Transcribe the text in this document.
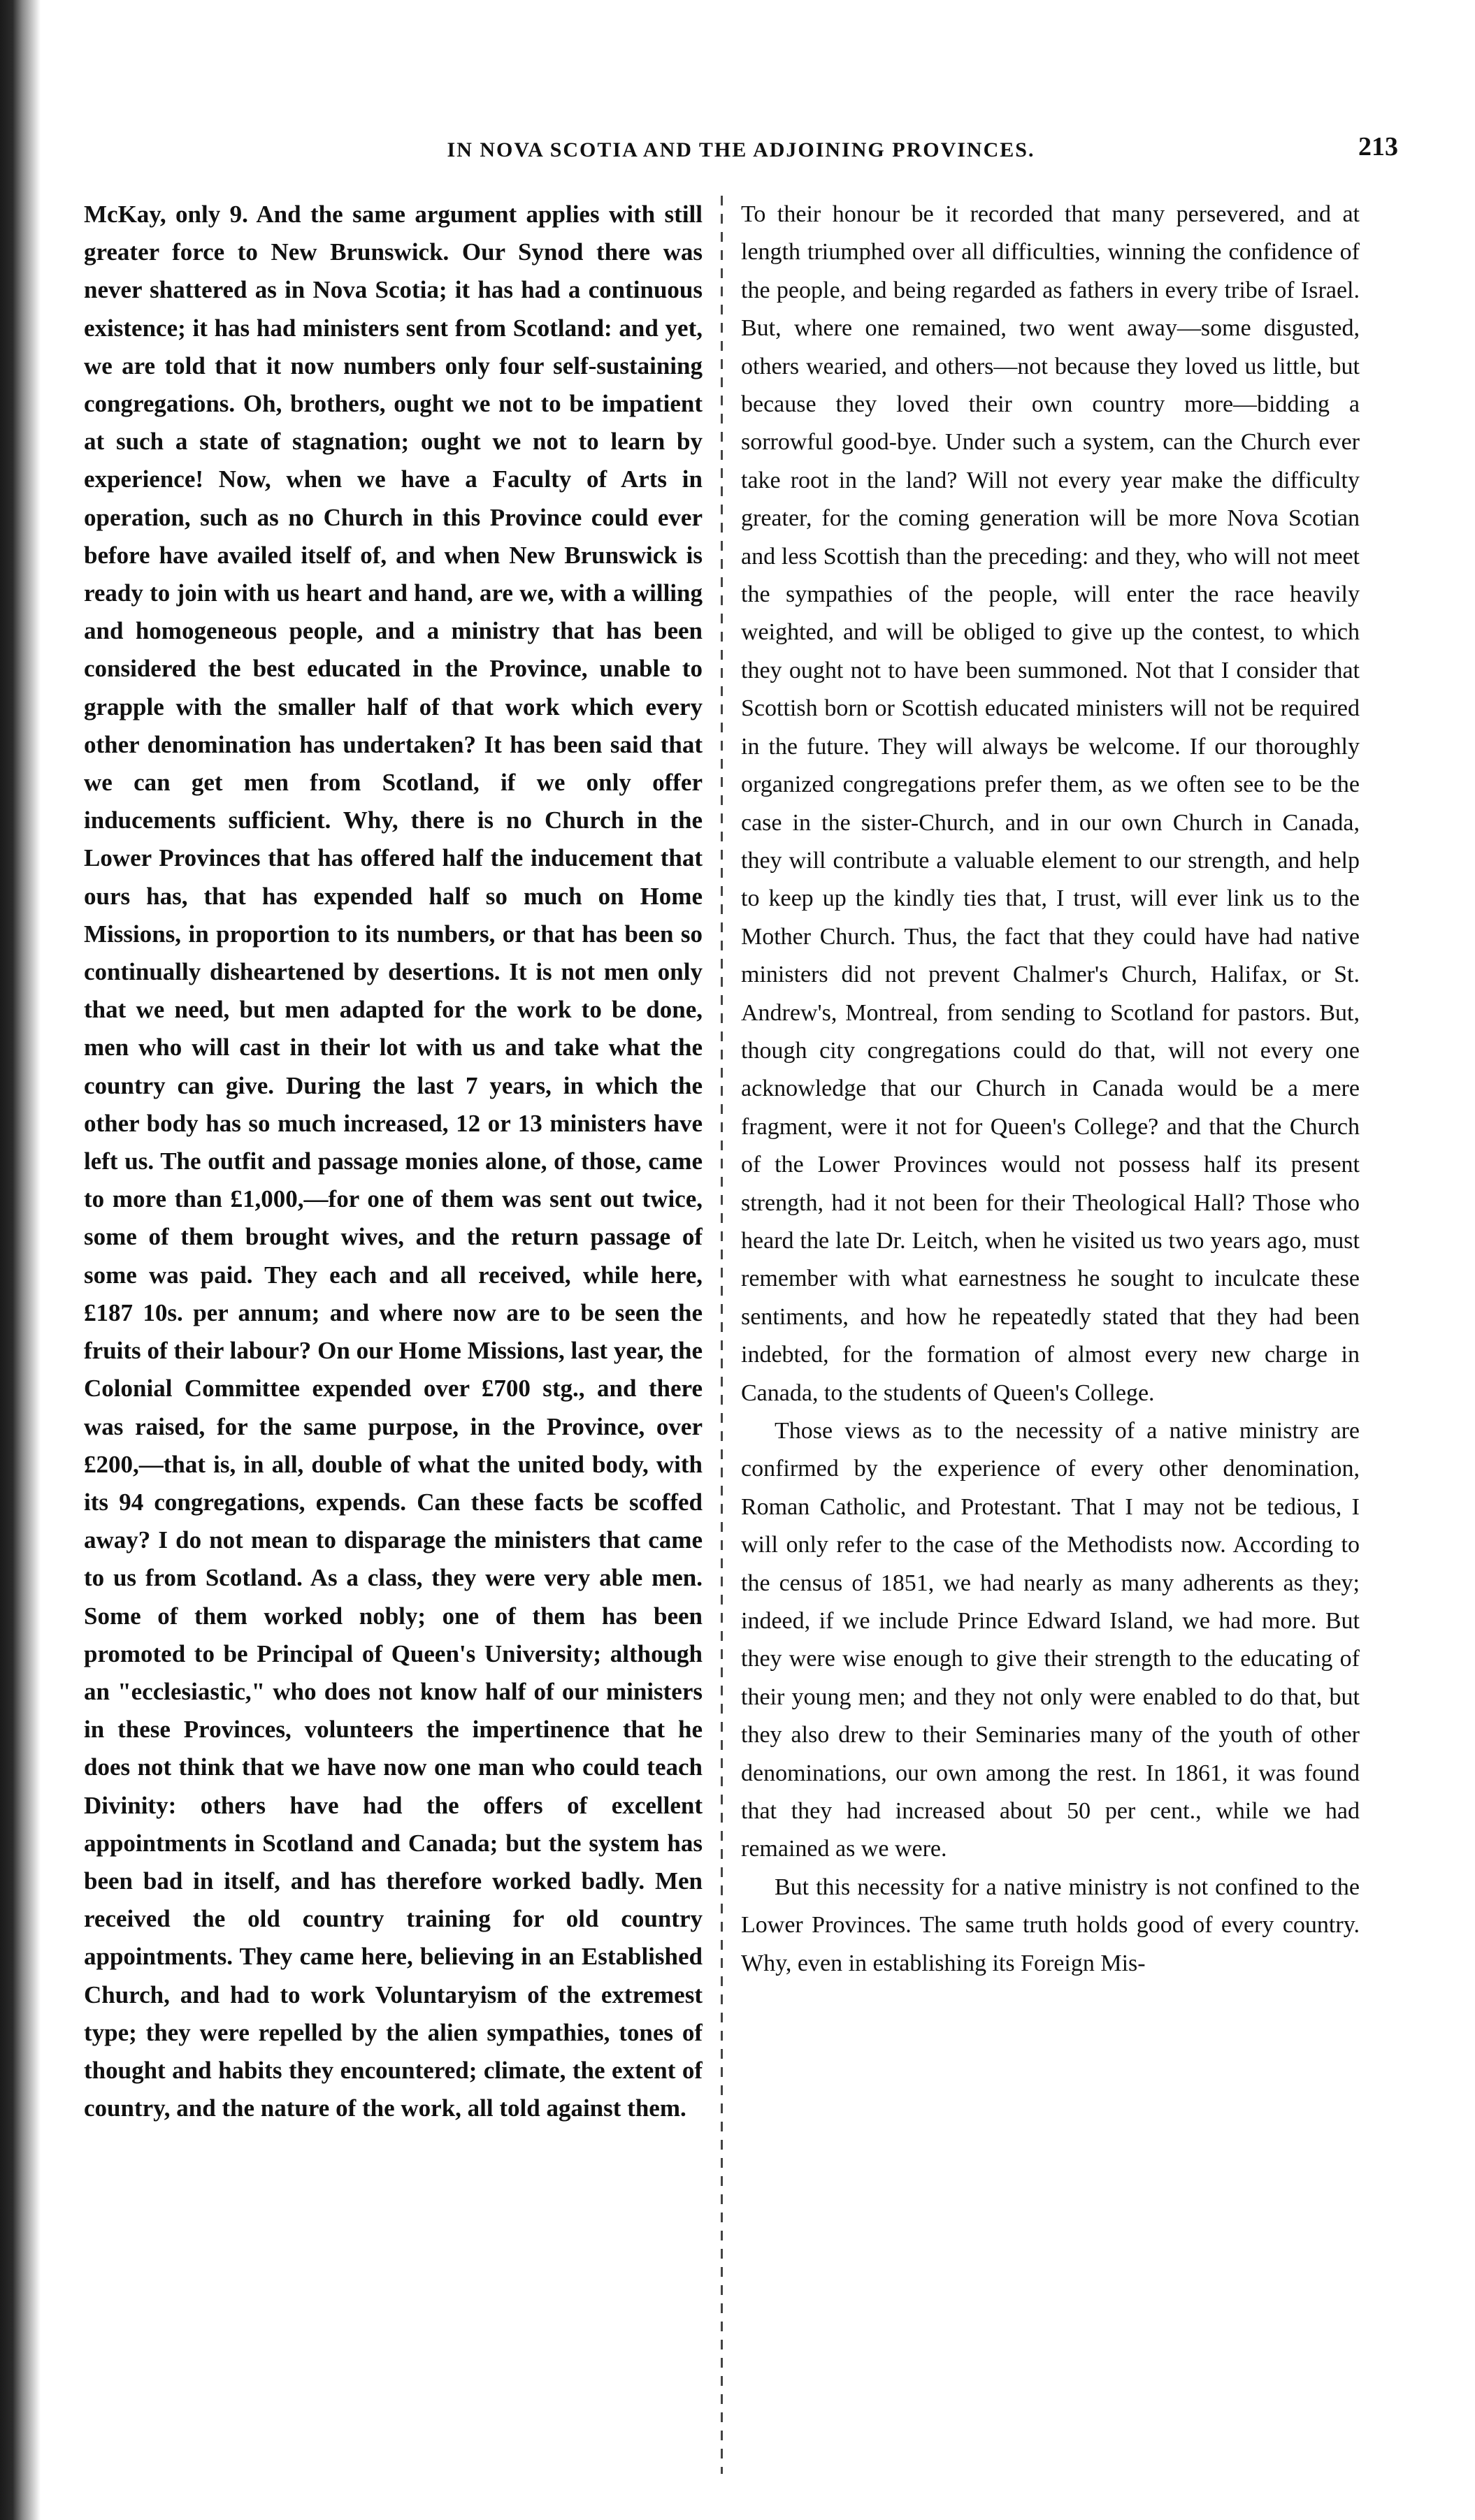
IN NOVA SCOTIA AND THE ADJOINING PROVINCES.	213

McKay, only 9. And the same argument applies with still greater force to New Brunswick. Our Synod there was never shattered as in Nova Scotia; it has had a continuous existence; it has had ministers sent from Scotland: and yet, we are told that it now numbers only four self-sustaining congregations. Oh, brothers, ought we not to be impatient at such a state of stagnation; ought we not to learn by experience! Now, when we have a Faculty of Arts in operation, such as no Church in this Province could ever before have availed itself of, and when New Brunswick is ready to join with us heart and hand, are we, with a willing and homogeneous people, and a ministry that has been considered the best educated in the Province, unable to grapple with the smaller half of that work which every other denomination has undertaken? It has been said that we can get men from Scotland, if we only offer inducements sufficient. Why, there is no Church in the Lower Provinces that has offered half the inducement that ours has, that has expended half so much on Home Missions, in proportion to its numbers, or that has been so continually disheartened by desertions. It is not men only that we need, but men adapted for the work to be done, men who will cast in their lot with us and take what the country can give. During the last 7 years, in which the other body has so much increased, 12 or 13 ministers have left us. The outfit and passage monies alone, of those, came to more than £1,000,—for one of them was sent out twice, some of them brought wives, and the return passage of some was paid. They each and all received, while here, £187 10s. per annum; and where now are to be seen the fruits of their labour? On our Home Missions, last year, the Colonial Committee expended over £700 stg., and there was raised, for the same purpose, in the Province, over £200,—that is, in all, double of what the united body, with its 94 congregations, expends. Can these facts be scoffed away? I do not mean to disparage the ministers that came to us from Scotland. As a class, they were very able men. Some of them worked nobly; one of them has been promoted to be Principal of Queen's University; although an "ecclesiastic," who does not know half of our ministers in these Provinces, volunteers the impertinence that he does not think that we have now one man who could teach Divinity: others have had the offers of excellent appointments in Scotland and Canada; but the system has been bad in itself, and has therefore worked badly. Men received the old country training for old country appointments. They came here, believing in an Established Church, and had to work Voluntaryism of the extremest type; they were repelled by the alien sympathies, tones of thought and habits they encountered; climate, the extent of country, and the nature of the work, all told against them.

To their honour be it recorded that many persevered, and at length triumphed over all difficulties, winning the confidence of the people, and being regarded as fathers in every tribe of Israel. But, where one remained, two went away—some disgusted, others wearied, and others—not because they loved us little, but because they loved their own country more—bidding a sorrowful good-bye. Under such a system, can the Church ever take root in the land? Will not every year make the difficulty greater, for the coming generation will be more Nova Scotian and less Scottish than the preceding: and they, who will not meet the sympathies of the people, will enter the race heavily weighted, and will be obliged to give up the contest, to which they ought not to have been summoned. Not that I consider that Scottish born or Scottish educated ministers will not be required in the future. They will always be welcome. If our thoroughly organized congregations prefer them, as we often see to be the case in the sister-Church, and in our own Church in Canada, they will contribute a valuable element to our strength, and help to keep up the kindly ties that, I trust, will ever link us to the Mother Church. Thus, the fact that they could have had native ministers did not prevent Chalmer's Church, Halifax, or St. Andrew's, Montreal, from sending to Scotland for pastors. But, though city congregations could do that, will not every one acknowledge that our Church in Canada would be a mere fragment, were it not for Queen's College? and that the Church of the Lower Provinces would not possess half its present strength, had it not been for their Theological Hall? Those who heard the late Dr. Leitch, when he visited us two years ago, must remember with what earnestness he sought to inculcate these sentiments, and how he repeatedly stated that they had been indebted, for the formation of almost every new charge in Canada, to the students of Queen's College.

Those views as to the necessity of a native ministry are confirmed by the experience of every other denomination, Roman Catholic, and Protestant. That I may not be tedious, I will only refer to the case of the Methodists now. According to the census of 1851, we had nearly as many adherents as they; indeed, if we include Prince Edward Island, we had more. But they were wise enough to give their strength to the educating of their young men; and they not only were enabled to do that, but they also drew to their Seminaries many of the youth of other denominations, our own among the rest. In 1861, it was found that they had increased about 50 per cent., while we had remained as we were.

But this necessity for a native ministry is not confined to the Lower Provinces. The same truth holds good of every country. Why, even in establishing its Foreign Mis-
